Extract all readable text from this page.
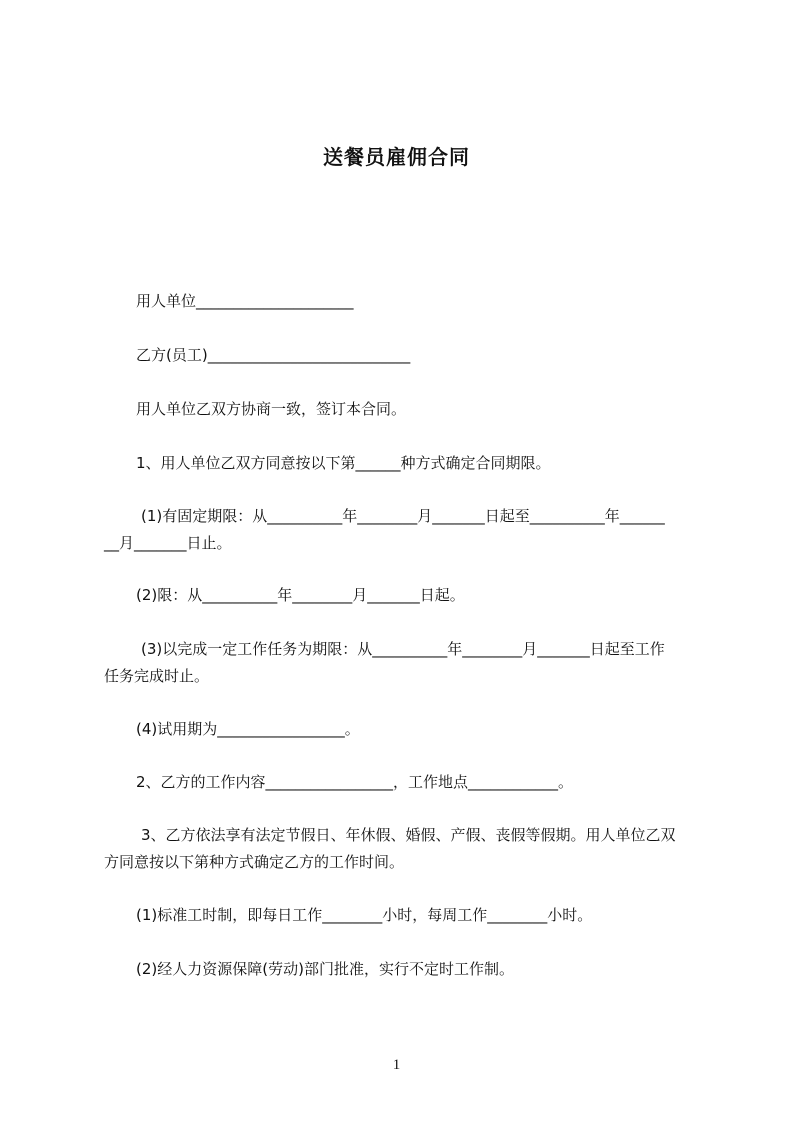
送餐员雇佣合同
用人单位_____________________
乙方(员工)___________________________
用人单位乙双方协商一致，签订本合同。
1、用人单位乙双方同意按以下第______种方式确定合同期限。
(1)有固定期限：从__________年________月_______日起至__________年______
__月_______日止。
(2)限：从__________年________月_______日起。
(3)以完成一定工作任务为期限：从__________年________月_______日起至工作
任务完成时止。
(4)试用期为_________________。
2、乙方的工作内容_________________，工作地点____________。
3、乙方依法享有法定节假日、年休假、婚假、产假、丧假等假期。用人单位乙双
方同意按以下第种方式确定乙方的工作时间。
(1)标准工时制，即每日工作________小时，每周工作________小时。
(2)经人力资源保障(劳动)部门批准，实行不定时工作制。
1
